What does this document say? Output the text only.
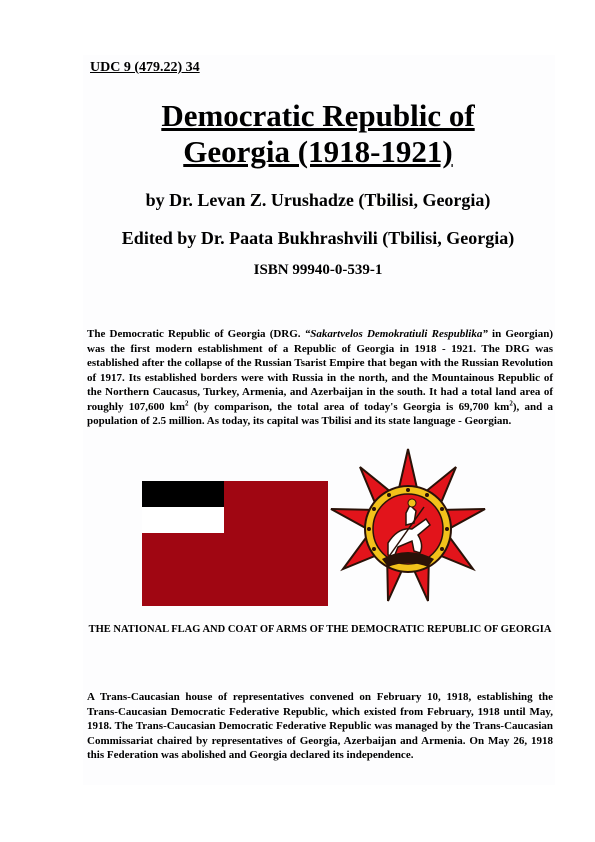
UDC 9 (479.22) 34
Democratic Republic of
Georgia (1918-1921)
by Dr. Levan Z. Urushadze (Tbilisi, Georgia)
Edited by Dr. Paata Bukhrashvili (Tbilisi, Georgia)
ISBN 99940-0-539-1

The Democratic Republic of Georgia (DRG. “Sakartvelos Demokratiuli Respublika” in Georgian) was the first modern establishment of a Republic of Georgia in 1918 - 1921. The DRG was established after the collapse of the Russian Tsarist Empire that began with the Russian Revolution of 1917. Its established borders were with Russia in the north, and the Mountainous Republic of the Northern Caucasus, Turkey, Armenia, and Azerbaijan in the south. It had a total land area of roughly 107,600 $km^2$ (by comparison, the total area of today's Georgia is 69,700 $km^2$), and a population of 2.5 million. As today, its capital was Tbilisi and its state language - Georgian.

THE NATIONAL FLAG AND COAT OF ARMS OF THE DEMOCRATIC REPUBLIC OF GEORGIA

A Trans-Caucasian house of representatives convened on February 10, 1918, establishing the Trans-Caucasian Democratic Federative Republic, which existed from February, 1918 until May, 1918. The Trans-Caucasian Democratic Federative Republic was managed by the Trans-Caucasian Commissariat chaired by representatives of Georgia, Azerbaijan and Armenia. On May 26, 1918 this Federation was abolished and Georgia declared its independence.
